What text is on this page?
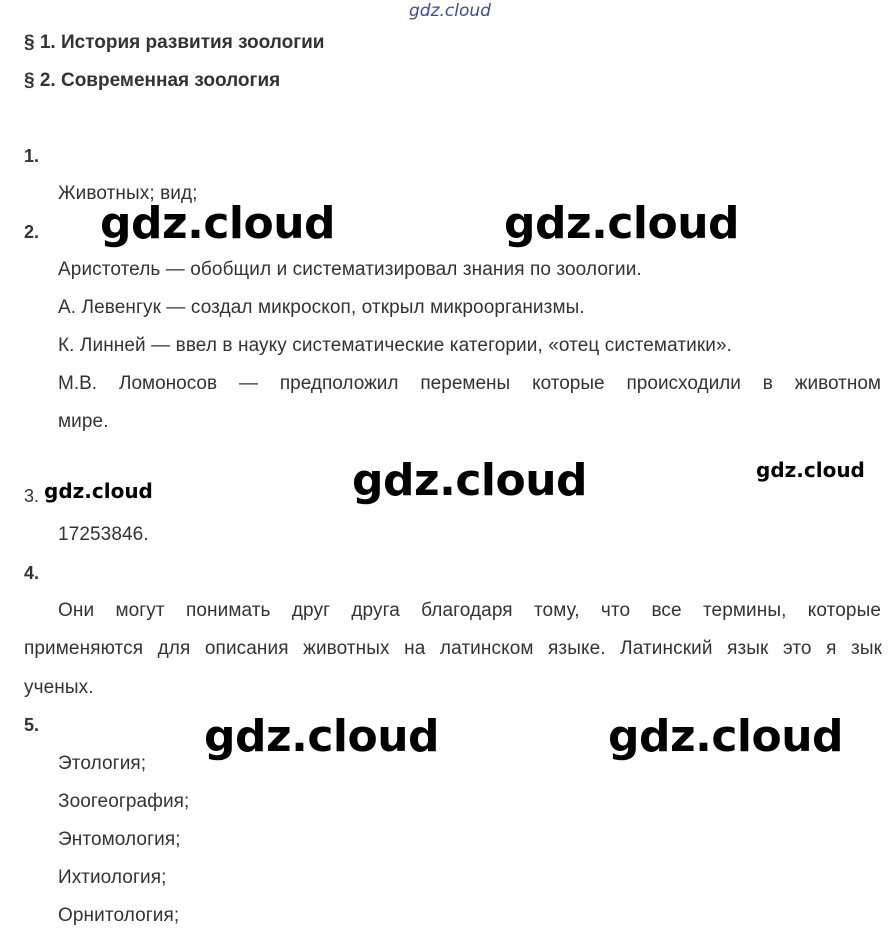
gdz.cloud
§ 1. История развития зоологии
§ 2. Современная зоология
1.
Животных; вид;
2. gdz.cloud	gdz.cloud
Аристотель — обобщил и систематизировал знания по зоологии.
А. Левенгук — создал микроскоп, открыл микроорганизмы.
К. Линней — ввел в науку систематические категории, «отец систематики».
М.В. Ломоносов — предположил перемены которые происходили в животном
мире.
gdz.cloud	gdz.cloud
3. gdz.cloud
17253846.
4.
Они могут понимать друг друга благодаря тому, что все термины, которые
применяются для описания животных на латинском языке. Латинский язык это я зык
ученых.
5.	gdz.cloud	gdz.cloud
Этология;
Зоогеография;
Энтомология;
Ихтиология;
Орнитология;
